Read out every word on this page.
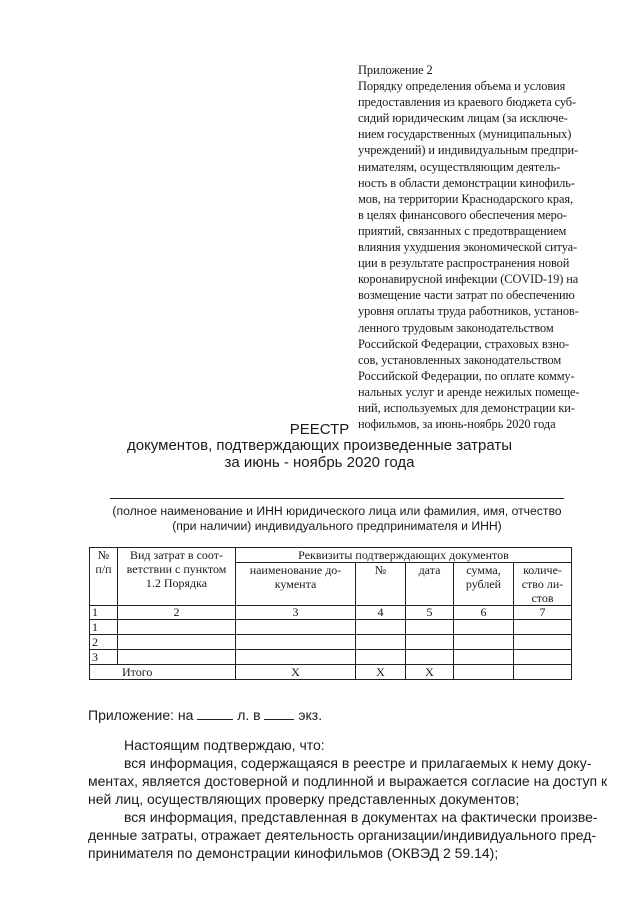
Приложение 2
Порядку определения объема и условия
предоставления из краевого бюджета суб-
сидий юридическим лицам (за исключе-
нием государственных (муниципальных)
учреждений) и индивидуальным предпри-
нимателям, осуществляющим деятель-
ность в области демонстрации кинофиль-
мов, на территории Краснодарского края,
в целях финансового обеспечения меро-
приятий, связанных с предотвращением
влияния ухудшения экономической ситуа-
ции в результате распространения новой
коронавирусной инфекции (COVID-19) на
возмещение части затрат по обеспечению
уровня оплаты труда работников, установ-
ленного трудовым законодательством
Российской Федерации, страховых взно-
сов, установленных законодательством
Российской Федерации, по оплате комму-
нальных услуг и аренде нежилых помеще-
ний, используемых для демонстрации ки-
нофильмов, за июнь-ноябрь 2020 года
РЕЕСТР
документов, подтверждающих произведенные затраты
за июнь - ноябрь 2020 года
(полное наименование и ИНН юридического лица или фамилия, имя, отчество
(при наличии) индивидуального предпринимателя и ИНН)
№ п/п	Вид затрат в соот-ветствии с пунктом 1.2 Порядка	Реквизиты подтверждающих документов				
		наименование до-кумента	№	дата	сумма, рублей	количе-ство ли-стов
1	2	3	4	5	6	7
1						
2						
3						
Итого		X	X	X		
Приложение: на	л. в	экз.
Настоящим подтверждаю, что:
вся информация, содержащаяся в реестре и прилагаемых к нему доку-
ментах, является достоверной и подлинной и выражается согласие на доступ к
ней лиц, осуществляющих проверку представленных документов;
вся информация, представленная в документах на фактически произве-
денные затраты, отражает деятельность организации/индивидуального пред-
принимателя по демонстрации кинофильмов (ОКВЭД 2 59.14);
